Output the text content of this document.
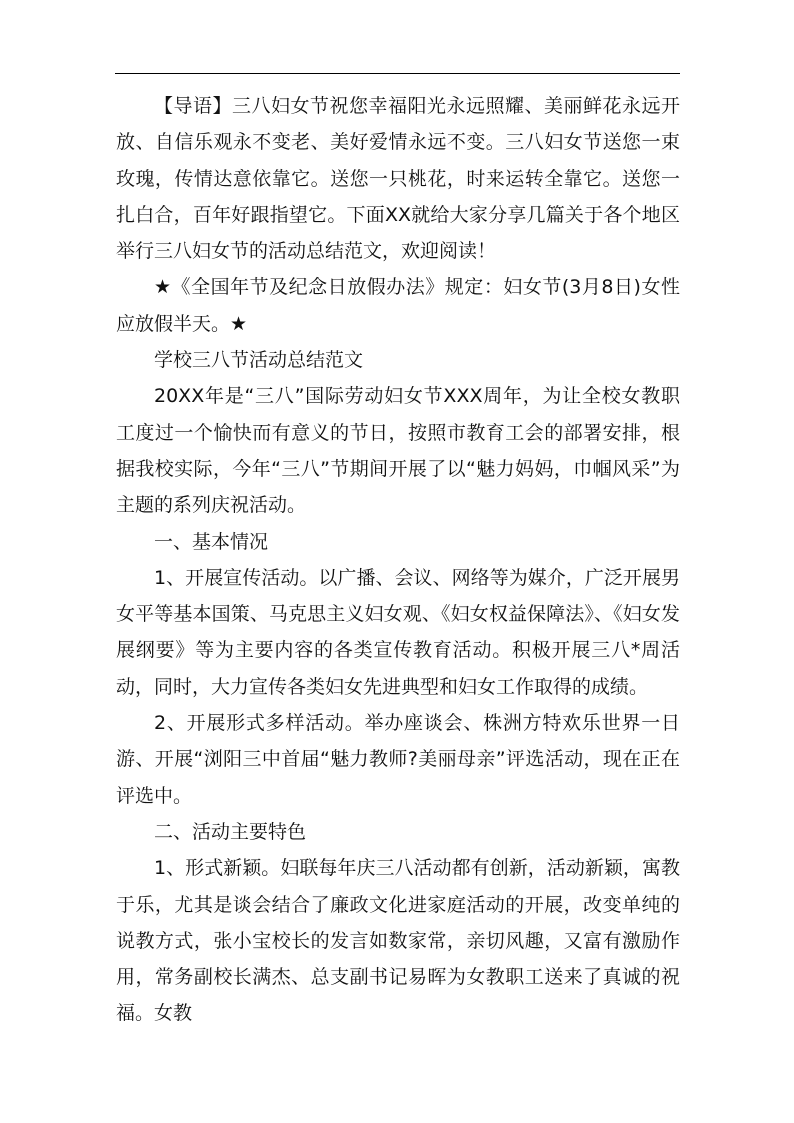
【导语】三八妇女节祝您幸福阳光永远照耀、美丽鲜花永远开放、自信乐观永不变老、美好爱情永远不变。三八妇女节送您一束玫瑰，传情达意依靠它。送您一只桃花，时来运转全靠它。送您一扎白合，百年好跟指望它。下面XX就给大家分享几篇关于各个地区举行三八妇女节的活动总结范文，欢迎阅读！

★《全国年节及纪念日放假办法》规定：妇女节(3月8日)女性应放假半天。★

学校三八节活动总结范文

20XX年是“三八”国际劳动妇女节XXX周年，为让全校女教职工度过一个愉快而有意义的节日，按照市教育工会的部署安排，根据我校实际，今年“三八”节期间开展了以“魅力妈妈，巾帼风采”为主题的系列庆祝活动。

一、基本情况

1、开展宣传活动。以广播、会议、网络等为媒介，广泛开展男女平等基本国策、马克思主义妇女观、《妇女权益保障法》、《妇女发展纲要》等为主要内容的各类宣传教育活动。积极开展三八*周活动，同时，大力宣传各类妇女先进典型和妇女工作取得的成绩。

2、开展形式多样活动。举办座谈会、株洲方特欢乐世界一日游、开展“浏阳三中首届“魅力教师?美丽母亲”评选活动，现在正在评选中。

二、活动主要特色

1、形式新颖。妇联每年庆三八活动都有创新，活动新颖，寓教于乐，尤其是谈会结合了廉政文化进家庭活动的开展，改变单纯的说教方式，张小宝校长的发言如数家常，亲切风趣，又富有激励作用，常务副校长满杰、总支副书记易晖为女教职工送来了真诚的祝福。女教
